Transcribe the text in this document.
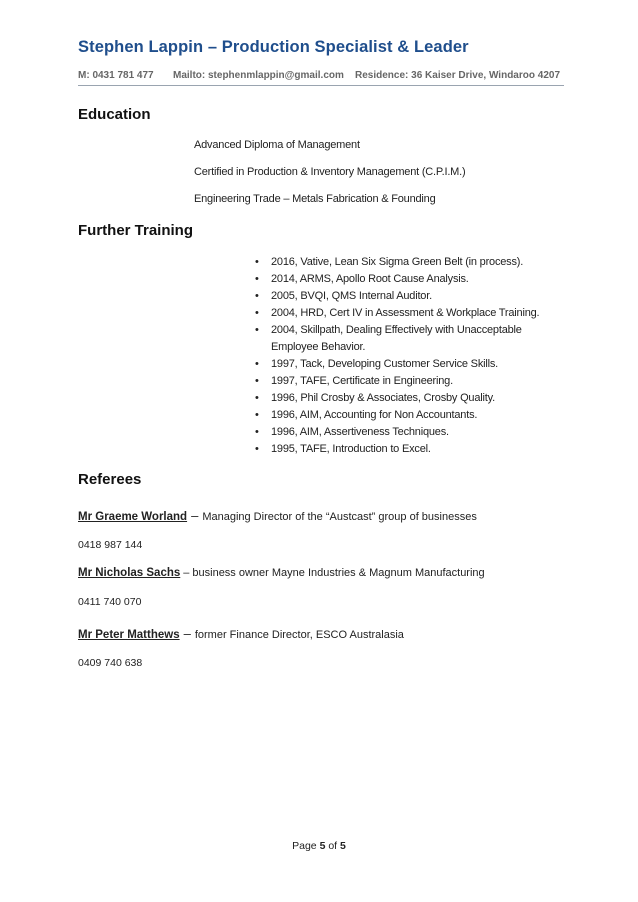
Stephen Lappin – Production Specialist & Leader
M: 0431 781 477 Mailto: stephenmlappin@gmail.com Residence: 36 Kaiser Drive, Windaroo 4207
Education
Advanced Diploma of Management
Certified in Production & Inventory Management (C.P.I.M.)
Engineering Trade – Metals Fabrication & Founding
Further Training
• 2016, Vative, Lean Six Sigma Green Belt (in process).
• 2014, ARMS, Apollo Root Cause Analysis.
• 2005, BVQI, QMS Internal Auditor.
• 2004, HRD, Cert IV in Assessment & Workplace Training.
• 2004, Skillpath, Dealing Effectively with Unacceptable Employee Behavior.
• 1997, Tack, Developing Customer Service Skills.
• 1997, TAFE, Certificate in Engineering.
• 1996, Phil Crosby & Associates, Crosby Quality.
• 1996, AIM, Accounting for Non Accountants.
• 1996, AIM, Assertiveness Techniques.
• 1995, TAFE, Introduction to Excel.
Referees
Mr Graeme Worland – Managing Director of the “Austcast” group of businesses
0418 987 144
Mr Nicholas Sachs – business owner Mayne Industries & Magnum Manufacturing
0411 740 070
Mr Peter Matthews – former Finance Director, ESCO Australasia
0409 740 638
Page 5 of 5
